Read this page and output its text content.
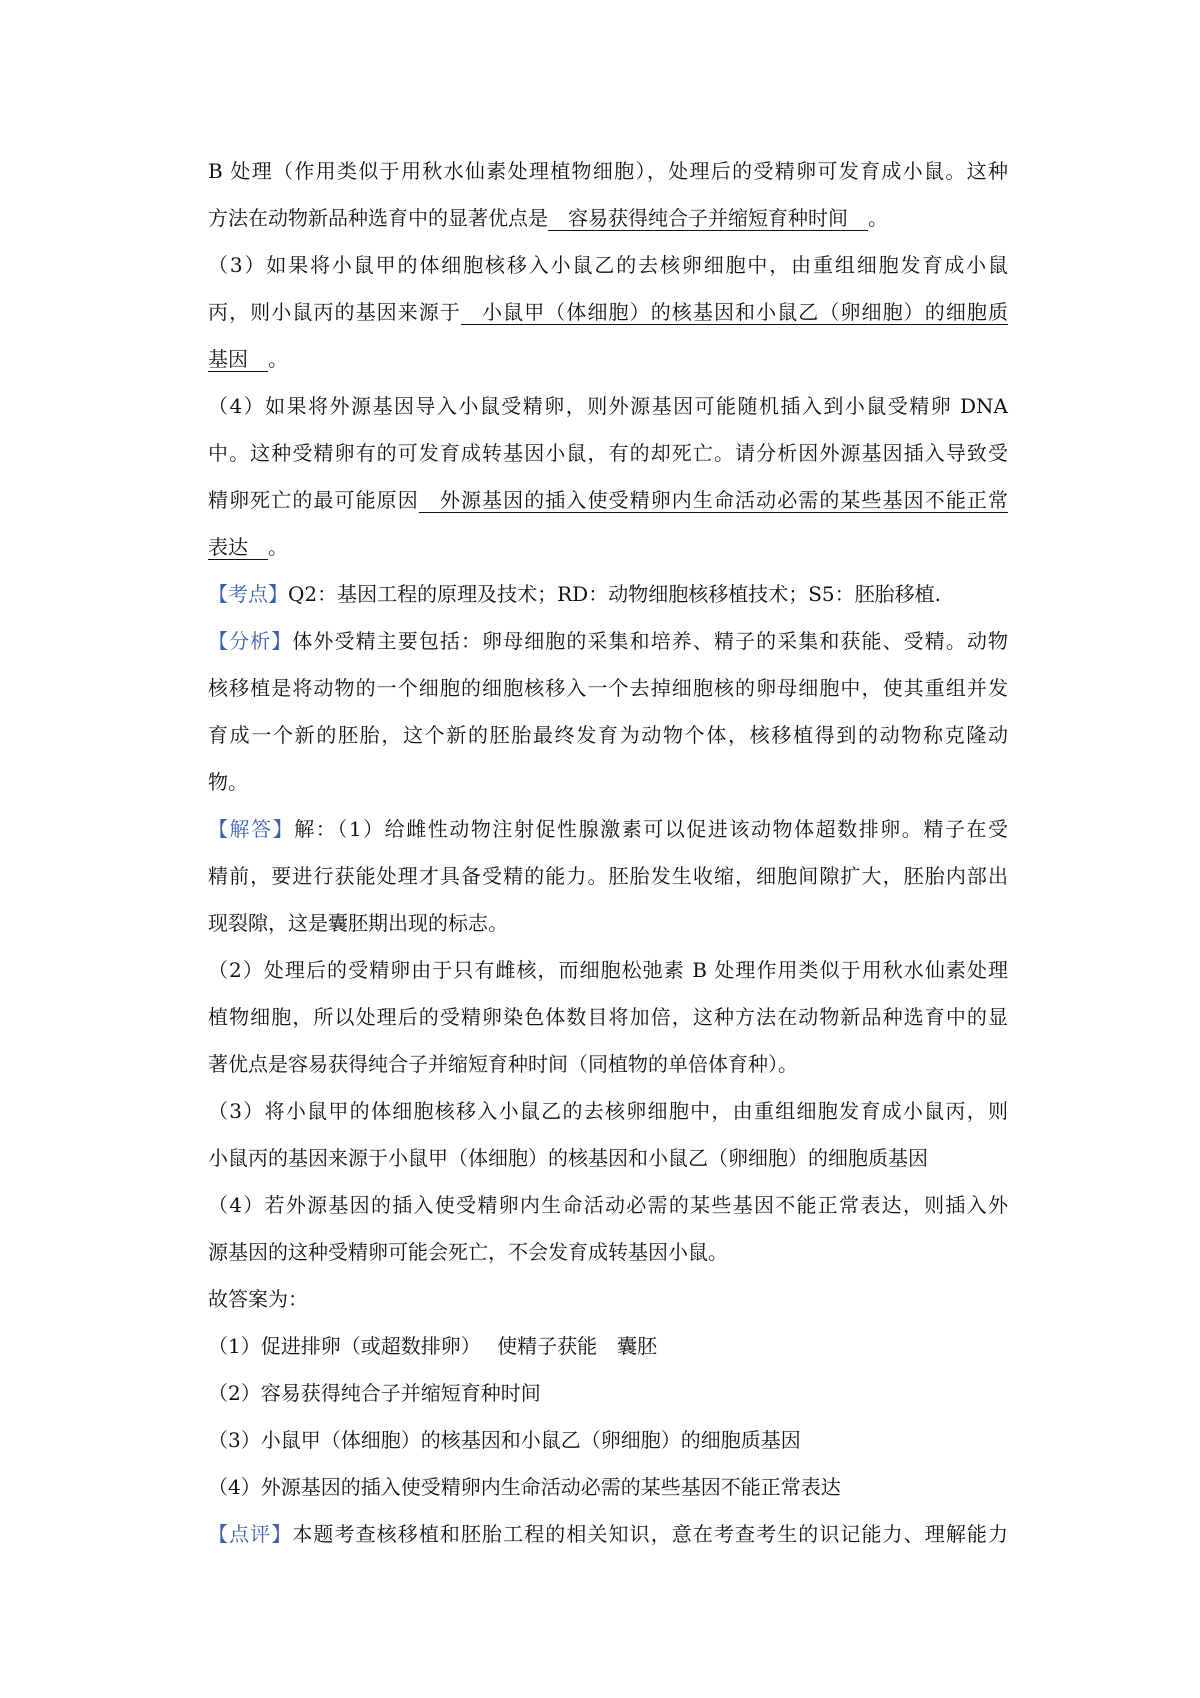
B 处理（作用类似于用秋水仙素处理植物细胞），处理后的受精卵可发育成小鼠。这种
方法在动物新品种选育中的显著优点是　容易获得纯合子并缩短育种时间　。
（3）如果将小鼠甲的体细胞核移入小鼠乙的去核卵细胞中，由重组细胞发育成小鼠
丙，则小鼠丙的基因来源于　小鼠甲（体细胞）的核基因和小鼠乙（卵细胞）的细胞质
基因　。
（4）如果将外源基因导入小鼠受精卵，则外源基因可能随机插入到小鼠受精卵 DNA
中。这种受精卵有的可发育成转基因小鼠，有的却死亡。请分析因外源基因插入导致受
精卵死亡的最可能原因　外源基因的插入使受精卵内生命活动必需的某些基因不能正常
表达　。
【考点】Q2：基因工程的原理及技术；RD：动物细胞核移植技术；S5：胚胎移植.
【分析】体外受精主要包括：卵母细胞的采集和培养、精子的采集和获能、受精。动物
核移植是将动物的一个细胞的细胞核移入一个去掉细胞核的卵母细胞中，使其重组并发
育成一个新的胚胎，这个新的胚胎最终发育为动物个体，核移植得到的动物称克隆动
物。
【解答】解：（1）给雌性动物注射促性腺激素可以促进该动物体超数排卵。精子在受
精前，要进行获能处理才具备受精的能力。胚胎发生收缩，细胞间隙扩大，胚胎内部出
现裂隙，这是囊胚期出现的标志。
（2）处理后的受精卵由于只有雌核，而细胞松弛素 B 处理作用类似于用秋水仙素处理
植物细胞，所以处理后的受精卵染色体数目将加倍，这种方法在动物新品种选育中的显
著优点是容易获得纯合子并缩短育种时间（同植物的单倍体育种）。
（3）将小鼠甲的体细胞核移入小鼠乙的去核卵细胞中，由重组细胞发育成小鼠丙，则
小鼠丙的基因来源于小鼠甲（体细胞）的核基因和小鼠乙（卵细胞）的细胞质基因
（4）若外源基因的插入使受精卵内生命活动必需的某些基因不能正常表达，则插入外
源基因的这种受精卵可能会死亡，不会发育成转基因小鼠。
故答案为：
（1）促进排卵（或超数排卵）　 使精子获能　囊胚
（2）容易获得纯合子并缩短育种时间
（3）小鼠甲（体细胞）的核基因和小鼠乙（卵细胞）的细胞质基因
（4）外源基因的插入使受精卵内生命活动必需的某些基因不能正常表达
【点评】本题考查核移植和胚胎工程的相关知识，意在考查考生的识记能力、理解能力
